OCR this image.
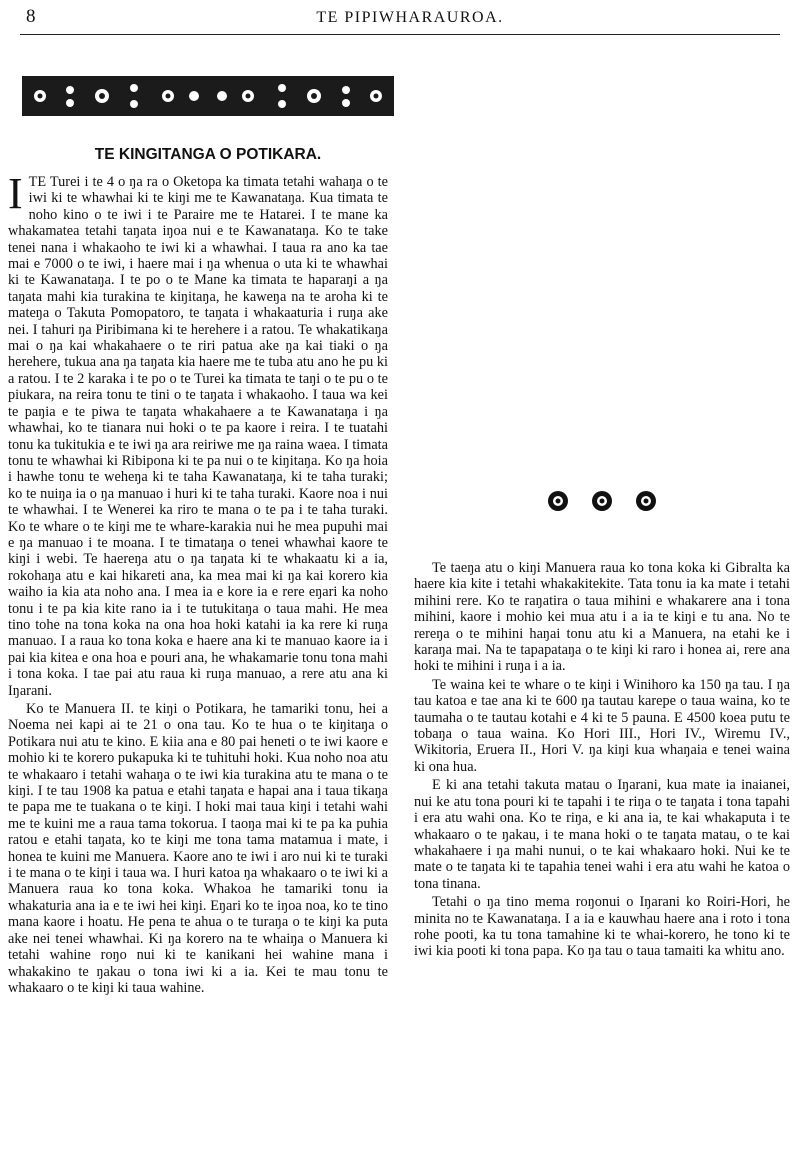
8	TE PIPIWHARAUROA.
TE KINGITANGA O POTIKARA.

I TE Turei i te 4 o ŋa ra o Oketopa ka timata tetahi wahaŋa o te iwi ki te whawhai ki te kiŋi me te Kawanataŋa. Kua timata te noho kino o te iwi i te Paraire me te Hatarei. I te mane ka whakamatea tetahi taŋata iŋoa nui e te Kawanataŋa. Ko te take tenei nana i whakaoho te iwi ki a whawhai. I taua ra ano ka tae mai e 7000 o te iwi, i haere mai i ŋa whenua o uta ki te whawhai ki te Kawanataŋa. I te po o te Mane ka timata te haparaŋi a ŋa taŋata mahi kia turakina te kiŋitaŋa, he kaweŋa na te aroha ki te mateŋa o Takuta Pomopatoro, te taŋata i whakaaturia i ruŋa ake nei. I tahuri ŋa Piribimana ki te herehere i a ratou. Te whakatikaŋa mai o ŋa kai whakahaere o te riri patua ake ŋa kai tiaki o ŋa herehere, tukua ana ŋa taŋata kia haere me te tuba atu ano he pu ki a ratou. I te 2 karaka i te po o te Turei ka timata te taŋi o te pu o te piukara, na reira tonu te tini o te taŋata i whakaoho. I taua wa kei te paŋia e te piwa te taŋata whakahaere a te Kawanataŋa i ŋa whawhai, ko te tianara nui hoki o te pa kaore i reira. I te tuatahi tonu ka tukitukia e te iwi ŋa ara reiriwe me ŋa raina waea. I timata tonu te whawhai ki Ribipona ki te pa nui o te kiŋitaŋa. Ko ŋa hoia i hawhe tonu te weheŋa ki te taha Kawanataŋa, ki te taha turaki; ko te nuiŋa ia o ŋa manuao i huri ki te taha turaki. Kaore noa i nui te whawhai. I te Wenerei ka riro te mana o te pa i te taha turaki. Ko te whare o te kiŋi me te whare-karakia nui he mea pupuhi mai e ŋa manuao i te moana. I te timataŋa o tenei whawhai kaore te kiŋi i webi. Te haereŋa atu o ŋa taŋata ki te whakaatu ki a ia, rokohaŋa atu e kai hikareti ana, ka mea mai ki ŋa kai korero kia waiho ia kia ata noho ana. I mea ia e kore ia e rere eŋari ka noho tonu i te pa kia kite rano ia i te tutukitaŋa o taua mahi. He mea tino tohe na tona koka na ona hoa hoki katahi ia ka rere ki ruŋa manuao. I a raua ko tona koka e haere ana ki te manuao kaore ia i pai kia kitea e ona hoa e pouri ana, he whakamarie tonu tona mahi i tona koka. I tae pai atu raua ki ruŋa manuao, a rere atu ana ki Iŋarani.

Ko te Manuera II. te kiŋi o Potikara, he tamariki tonu, hei a Noema nei kapi ai te 21 o ona tau. Ko te hua o te kiŋitaŋa o Potikara nui atu te kino. E kiia ana e 80 pai heneti o te iwi kaore e mohio ki te korero pukapuka ki te tuhituhi hoki. Kua noho noa atu te whakaaro i tetahi wahaŋa o te iwi kia turakina atu te mana o te kiŋi. I te tau 1908 ka patua e etahi taŋata e hapai ana i taua tikaŋa te papa me te tuakana o te kiŋi. I hoki mai taua kiŋi i tetahi wahi me te kuini me a raua tama tokorua. I taoŋa mai ki te pa ka puhia ratou e etahi taŋata, ko te kiŋi me tona tama matamua i mate, i honea te kuini me Manuera. Kaore ano te iwi i aro nui ki te turaki i te mana o te kiŋi i taua wa. I huri katoa ŋa whakaaro o te iwi ki a Manuera raua ko tona koka. Whakoa he tamariki tonu ia whakaturia ana ia e te iwi hei kiŋi. Eŋari ko te iŋoa noa, ko te tino mana kaore i hoatu. He pena te ahua o te turaŋa o te kiŋi ka puta ake nei tenei whawhai. Ki ŋa korero na te whaiŋa o Manuera ki tetahi wahine roŋo nui ki te kanikani hei wahine mana i whakakino te ŋakau o tona iwi ki a ia. Kei te mau tonu te whakaaro o te kiŋi ki taua wahine.

Te taeŋa atu o kiŋi Manuera raua ko tona koka ki Gibralta ka haere kia kite i tetahi whakakitekite. Tata tonu ia ka mate i tetahi mihini rere. Ko te raŋatira o taua mihini e whakarere ana i tona mihini, kaore i mohio kei mua atu i a ia te kiŋi e tu ana. No te rereŋa o te mihini haŋai tonu atu ki a Manuera, na etahi ke i karaŋa mai. Na te tapapataŋa o te kiŋi ki raro i honea ai, rere ana hoki te mihini i ruŋa i a ia.

Te waina kei te whare o te kiŋi i Winihoro ka 150 ŋa tau. I ŋa tau katoa e tae ana ki te 600 ŋa tautau karepe o taua waina, ko te taumaha o te tautau kotahi e 4 ki te 5 pauna. E 4500 koea putu te tobaŋa o taua waina. Ko Hori III., Hori IV., Wiremu IV., Wikitoria, Eruera II., Hori V. ŋa kiŋi kua whaŋaia e tenei waina ki ona hua.

E ki ana tetahi takuta matau o Iŋarani, kua mate ia inaianei, nui ke atu tona pouri ki te tapahi i te riŋa o te taŋata i tona tapahi i era atu wahi ona. Ko te riŋa, e ki ana ia, te kai whakaputa i te whakaaro o te ŋakau, i te mana hoki o te taŋata matau, o te kai whakahaere i ŋa mahi nunui, o te kai whakaaro hoki. Nui ke te mate o te taŋata ki te tapahia tenei wahi i era atu wahi he katoa o tona tinana.

Tetahi o ŋa tino mema roŋonui o Iŋarani ko Roiri-Hori, he minita no te Kawanataŋa. I a ia e kauwhau haere ana i roto i tona rohe pooti, ka tu tona tamahine ki te whai-korero, he tono ki te iwi kia pooti ki tona papa. Ko ŋa tau o taua tamaiti ka whitu ano.
